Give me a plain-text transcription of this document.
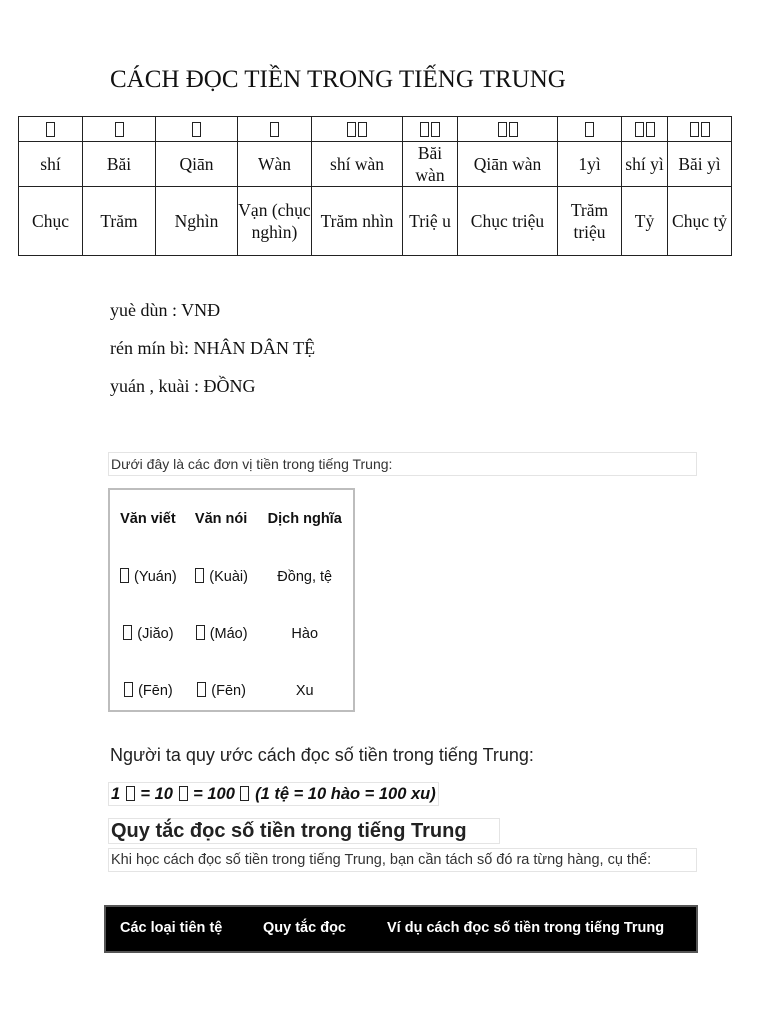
CÁCH ĐỌC TIỀN TRONG TIẾNG TRUNG

shí	Băi	Qiān	Wàn	shí wàn	Băi wàn	Qiān wàn	1yì	shí yì	Băi yì
Chục	Trăm	Nghìn	Vạn (chục nghìn)	Trăm nhìn	Triệ u	Chục triệu	Trăm triệu	Tỷ	Chục tỷ
yuè dùn : VNĐ
rén mín bì: NHÂN DÂN TỆ
yuán , kuài : ĐỒNG
Dưới đây là các đơn vị tiền trong tiếng Trung:
Văn viết	Văn nói	Dịch nghĩa
(Yuán)	(Kuài)	Đồng, tệ
(Jiăo)	(Máo)	Hào
(Fēn)	(Fēn)	Xu
Người ta quy ước cách đọc số tiền trong tiếng Trung:
1 = 10 = 100 (1 tệ = 10 hào = 100 xu)
Quy tắc đọc số tiền trong tiếng Trung
Khi học cách đọc số tiền trong tiếng Trung, bạn cần tách số đó ra từng hàng, cụ thể:
Các loại tiên tệ	Quy tắc đọc	Ví dụ cách đọc số tiền trong tiếng Trung
